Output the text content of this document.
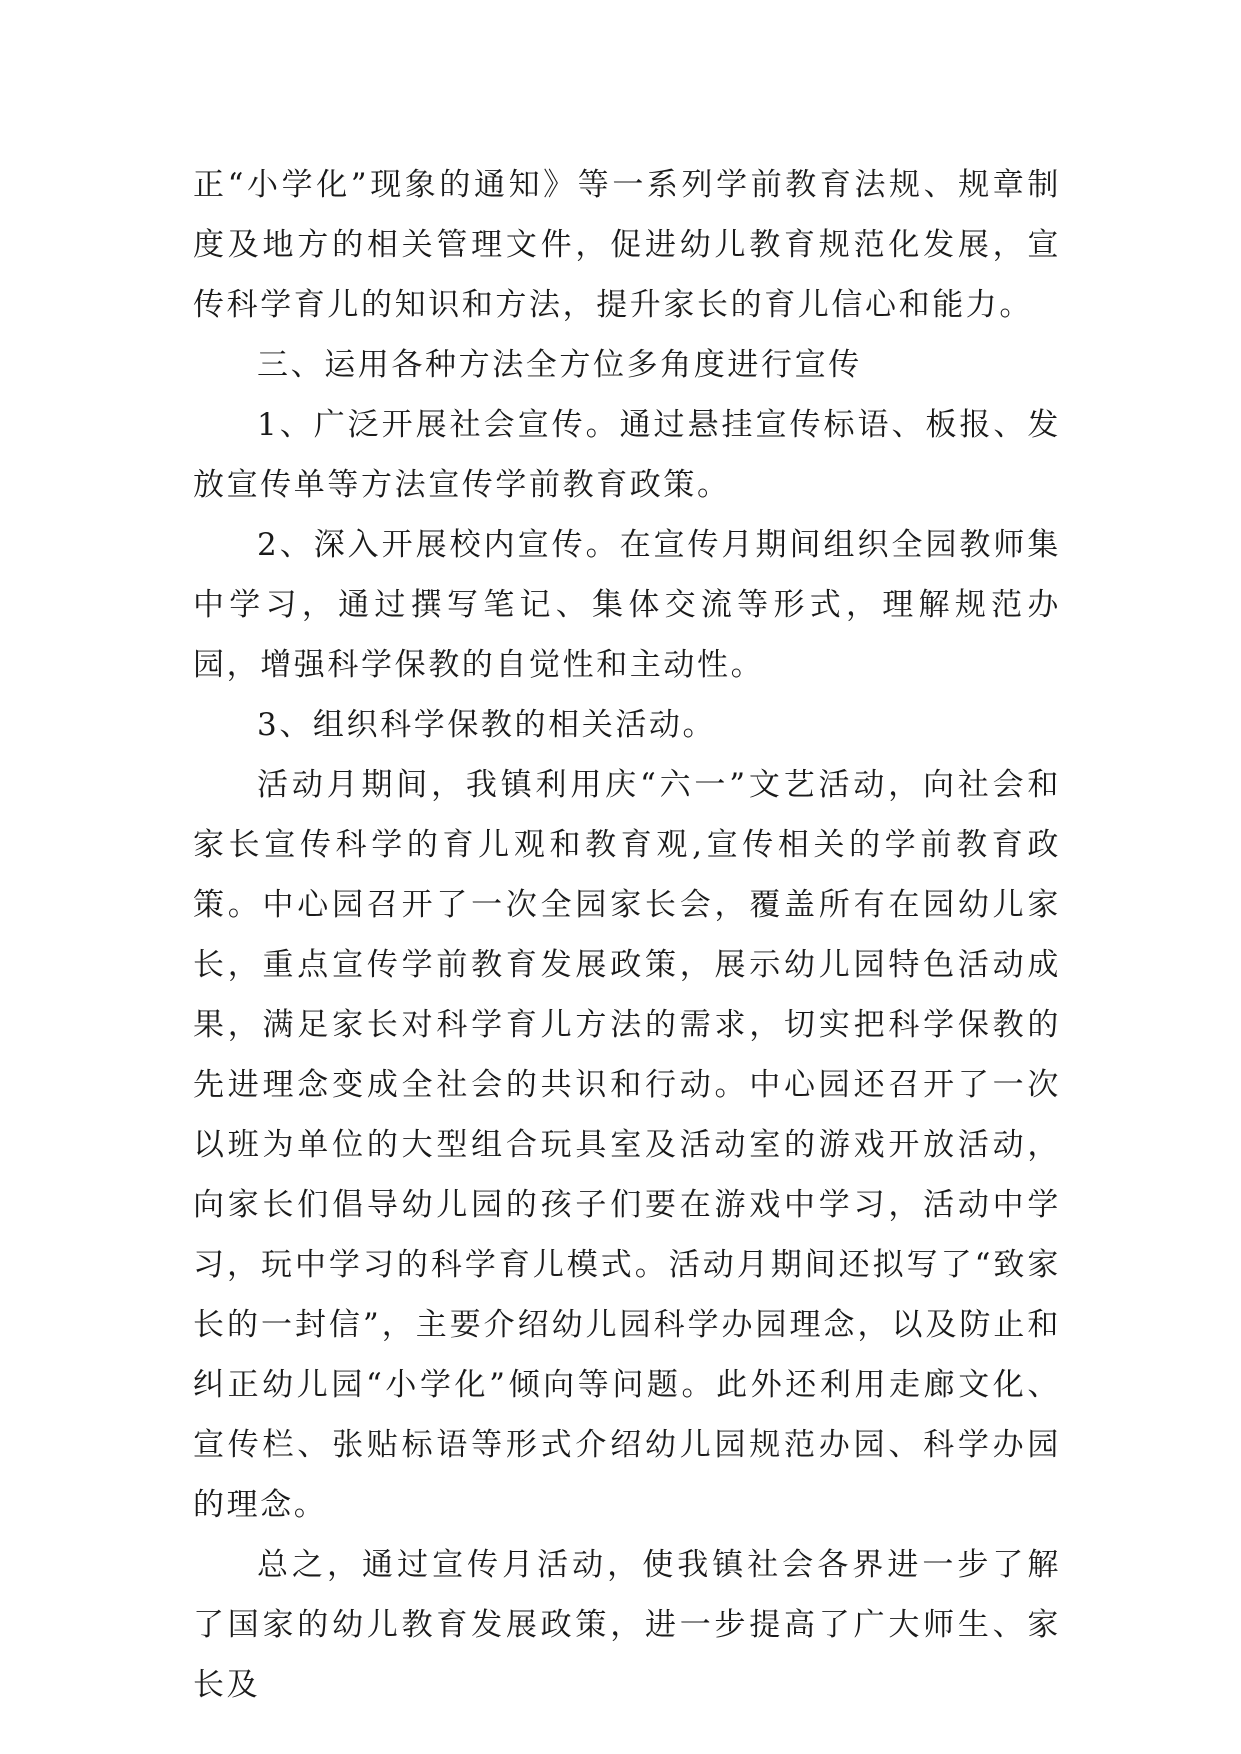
正“小学化”现象的通知》等一系列学前教育法规、规章制度及地方的相关管理文件，促进幼儿教育规范化发展，宣传科学育儿的知识和方法，提升家长的育儿信心和能力。

三、运用各种方法全方位多角度进行宣传

1、广泛开展社会宣传。通过悬挂宣传标语、板报、发放宣传单等方法宣传学前教育政策。

2、深入开展校内宣传。在宣传月期间组织全园教师集中学习，通过撰写笔记、集体交流等形式，理解规范办园，增强科学保教的自觉性和主动性。

3、组织科学保教的相关活动。

活动月期间，我镇利用庆“六一”文艺活动，向社会和家长宣传科学的育儿观和教育观,宣传相关的学前教育政策。中心园召开了一次全园家长会，覆盖所有在园幼儿家长，重点宣传学前教育发展政策，展示幼儿园特色活动成果，满足家长对科学育儿方法的需求，切实把科学保教的先进理念变成全社会的共识和行动。中心园还召开了一次以班为单位的大型组合玩具室及活动室的游戏开放活动，向家长们倡导幼儿园的孩子们要在游戏中学习，活动中学习，玩中学习的科学育儿模式。活动月期间还拟写了“致家长的一封信”，主要介绍幼儿园科学办园理念，以及防止和纠正幼儿园“小学化”倾向等问题。此外还利用走廊文化、宣传栏、张贴标语等形式介绍幼儿园规范办园、科学办园的理念。

总之，通过宣传月活动，使我镇社会各界进一步了解了国家的幼儿教育发展政策，进一步提高了广大师生、家长及
